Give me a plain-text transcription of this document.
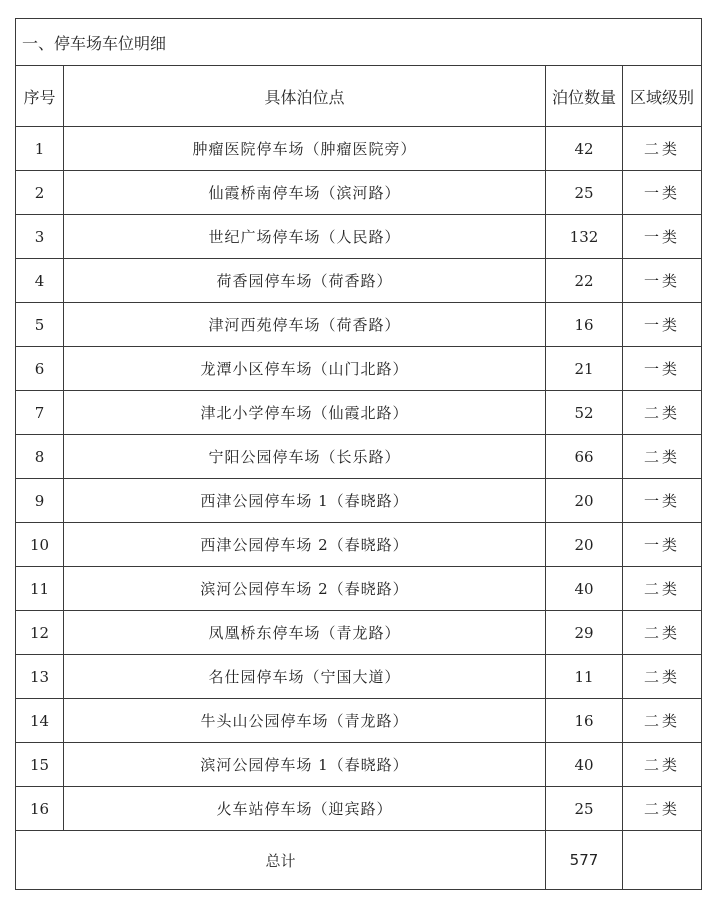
一、停车场车位明细			
序号	具体泊位点	泊位数量	区域级别
1	肿瘤医院停车场（肿瘤医院旁）	42	二类
2	仙霞桥南停车场（滨河路）	25	一类
3	世纪广场停车场（人民路）	132	一类
4	荷香园停车场（荷香路）	22	一类
5	津河西苑停车场（荷香路）	16	一类
6	龙潭小区停车场（山门北路）	21	一类
7	津北小学停车场（仙霞北路）	52	二类
8	宁阳公园停车场（长乐路）	66	二类
9	西津公园停车场 1（春晓路）	20	一类
10	西津公园停车场 2（春晓路）	20	一类
11	滨河公园停车场 2（春晓路）	40	二类
12	凤凰桥东停车场（青龙路）	29	二类
13	名仕园停车场（宁国大道）	11	二类
14	牛头山公园停车场（青龙路）	16	二类
15	滨河公园停车场 1（春晓路）	40	二类
16	火车站停车场（迎宾路）	25	二类
总计		577	
